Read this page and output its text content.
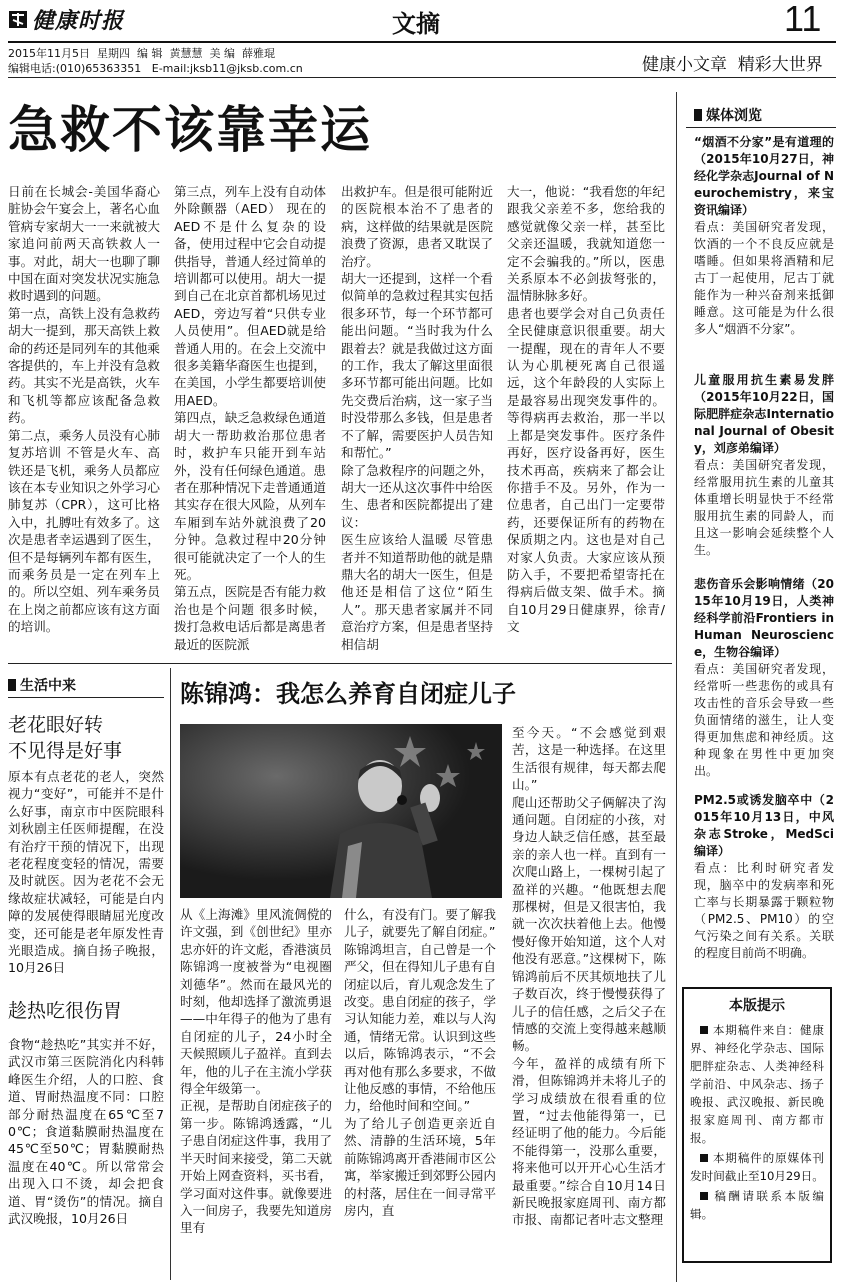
健康时报	文摘	11
2015年11月5日  星期四  编 辑  黄慧慧  美 编  薛雅琨
编辑电话:(010)65363351   E-mail:jksb11@jksb.com.cn	健康小文章  精彩大世界
急救不该靠幸运
日前在长城会-美国华裔心脏协会午宴会上，著名心血管病专家胡大一一来就被大家追问前两天高铁救人一事。对此，胡大一也聊了聊中国在面对突发状况实施急救时遇到的问题。
第一点，高铁上没有急救药 胡大一提到，那天高铁上救命的药还是同列车的其他乘客提供的，车上并没有急救药。其实不光是高铁，火车和飞机等都应该配备急救药。
第二点，乘务人员没有心肺复苏培训 不管是火车、高铁还是飞机，乘务人员都应该在本专业知识之外学习心肺复苏（CPR），这可比格入中，扎膊吐有效多了。这次是患者幸运遇到了医生，但不是每辆列车都有医生，而乘务员是一定在列车上的。所以空姐、列车乘务员在上岗之前都应该有这方面的培训。
第三点，列车上没有自动体外除颤器（AED） 现在的AED不是什么复杂的设备，使用过程中它会自动提供指导，普通人经过简单的培训都可以使用。胡大一提到自己在北京首都机场见过AED，旁边写着“只供专业人员使用”。但AED就是给普通人用的。在会上交流中很多美籍华裔医生也提到，在美国，小学生都要培训使用AED。
第四点，缺乏急救绿色通道 胡大一帮助救治那位患者时，救护车只能开到车站外，没有任何绿色通道。患者在那种情况下走普通通道其实存在很大风险，从列车车厢到车站外就浪费了20分钟。急救过程中20分钟很可能就决定了一个人的生死。
第五点，医院是否有能力救治也是个问题 很多时候，拨打急救电话后都是离患者最近的医院派
出救护车。但是很可能附近的医院根本治不了患者的病，这样做的结果就是医院浪费了资源，患者又耽误了治疗。
胡大一还提到，这样一个看似简单的急救过程其实包括很多环节，每一个环节都可能出问题。“当时我为什么跟着去？就是我做过这方面的工作，我太了解这里面很多环节都可能出问题。比如先交费后治病，这一家子当时没带那么多钱，但是患者不了解，需要医护人员告知和帮忙。”
除了急救程序的问题之外，胡大一还从这次事件中给医生、患者和医院都提出了建议：
医生应该给人温暖 尽管患者并不知道帮助他的就是鼎鼎大名的胡大一医生，但是他还是相信了这位“陌生人”。那天患者家属并不同意治疗方案，但是患者坚持相信胡
大一，他说：“我看您的年纪跟我父亲差不多，您给我的感觉就像父亲一样，甚至比父亲还温暖，我就知道您一定不会骗我的。”所以，医患关系原本不必剑拔弩张的，温情脉脉多好。
患者也要学会对自己负责任 全民健康意识很重要。胡大一提醒，现在的青年人不要认为心肌梗死离自己很遥远，这个年龄段的人实际上是最容易出现突发事件的。等得病再去救治，那一半以上都是突发事件。医疗条件再好，医疗设备再好，医生技术再高，疾病来了都会让你措手不及。另外，作为一位患者，自己出门一定要带药，还要保证所有的药物在保质期之内。这也是对自己对家人负责。大家应该从预防入手，不要把希望寄托在得病后做支架、做手术。摘自10月29日健康界，徐青/文
生活中来
老花眼好转
不见得是好事
原本有点老花的老人，突然视力“变好”，可能并不是什么好事，南京市中医院眼科刘秋剧主任医师提醒，在没有治疗干预的情况下，出现老花程度变轻的情况，需要及时就医。因为老花不会无缘故症状减轻，可能是白内障的发展使得眼睛屈光度改变，还可能是老年原发性青光眼造成。摘自扬子晚报，10月26日
趁热吃很伤胃
食物“趁热吃”其实并不好，武汉市第三医院消化内科韩峰医生介绍，人的口腔、食道、胃耐热温度不同：口腔部分耐热温度在65℃至70℃；食道黏膜耐热温度在45℃至50℃；胃黏膜耐热温度在40℃。所以常常会出现入口不烫，却会把食道、胃“烫伤”的情况。摘自武汉晚报，10月26日
陈锦鸿：我怎么养育自闭症儿子
从《上海滩》里风流倜傥的许文强，到《创世纪》里亦忠亦奸的许文彪，香港演员陈锦鸿一度被誉为“电视圈刘德华”。然而在最风光的时刻，他却选择了激流勇退——中年得子的他为了患有自闭症的儿子，24小时全天候照顾儿子盈祥。直到去年，他的儿子在主流小学获得全年级第一。
正视，是帮助自闭症孩子的第一步。陈锦鸿透露，“儿子患自闭症这件事，我用了半天时间来接受，第二天就开始上网查资料，买书看，学习面对这件事。就像要进入一间房子，我要先知道房里有
什么，有没有门。要了解我儿子，就要先了解自闭症。”
陈锦鸿坦言，自己曾是一个严父，但在得知儿子患有自闭症以后，育儿观念发生了改变。患自闭症的孩子，学习认知能力差，难以与人沟通，情绪无常。认识到这些以后，陈锦鸿表示，“不会再对他有那么多要求，不做让他反感的事情，不给他压力，给他时间和空间。”
为了给儿子创造更亲近自然、清静的生活环境，5年前陈锦鸿离开香港闹市区公寓，举家搬迁到郊野公园内的村落，居住在一间寻常平房内，直
至今天。“不会感觉到艰苦，这是一种选择。在这里生活很有规律，每天都去爬山。”
爬山还帮助父子俩解决了沟通问题。自闭症的小孩，对身边人缺乏信任感，甚至最亲的亲人也一样。直到有一次爬山路上，一棵树引起了盈祥的兴趣。“他既想去爬那棵树，但是又很害怕，我就一次次扶着他上去。他慢慢好像开始知道，这个人对他没有恶意。”这棵树下，陈锦鸿前后不厌其烦地扶了儿子数百次，终于慢慢获得了儿子的信任感，之后父子在情感的交流上变得越来越顺畅。
今年，盈祥的成绩有所下滑，但陈锦鸿并未将儿子的学习成绩放在很看重的位置，“过去他能得第一，已经证明了他的能力。今后能不能得第一，没那么重要，将来他可以开开心心生活才最重要。”综合自10月14日新民晚报家庭周刊、南方都市报、南都记者叶志文整理
媒体浏览
“烟酒不分家”是有道理的（2015年10月27日，神经化学杂志Journal of Neurochemistry，来宝资讯编译）
看点：美国研究者发现，饮酒的一个不良反应就是嗜睡。但如果将酒精和尼古丁一起使用，尼古丁就能作为一种兴奋剂来抵御睡意。这可能是为什么很多人“烟酒不分家”。
儿童服用抗生素易发胖（2015年10月22日，国际肥胖症杂志International Journal of Obesity，刘彦弟编译）
看点：美国研究者发现，经常服用抗生素的儿童其体重增长明显快于不经常服用抗生素的同龄人，而且这一影响会延续整个人生。
悲伤音乐会影响情绪（2015年10月19日，人类神经科学前沿Frontiers in Human Neuroscience，生物谷编译）
看点：美国研究者发现，经常听一些悲伤的或具有攻击性的音乐会导致一些负面情绪的滋生，让人变得更加焦虑和神经质。这种现象在男性中更加突出。
PM2.5或诱发脑卒中（2015年10月13日，中风杂志Stroke，MedSci编译）
看点：比利时研究者发现，脑卒中的发病率和死亡率与长期暴露于颗粒物（PM2.5、PM10）的空气污染之间有关系。关联的程度目前尚不明确。
本版提示
本期稿件来自：健康界、神经化学杂志、国际肥胖症杂志、人类神经科学前沿、中风杂志、扬子晚报、武汉晚报、新民晚报家庭周刊、南方都市报。
本期稿件的原媒体刊发时间截止至10月29日。
稿酬请联系本版编辑。
